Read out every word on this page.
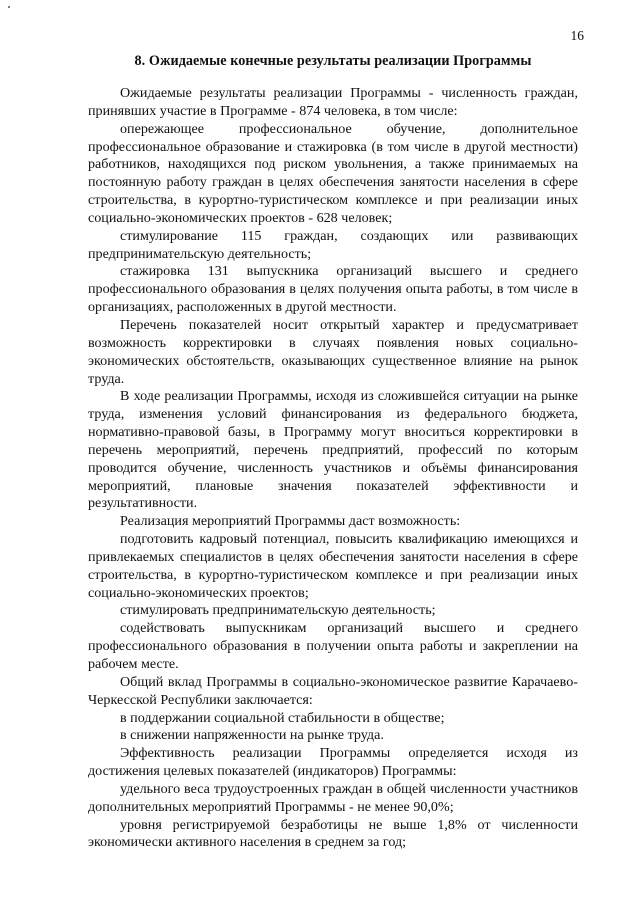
16
8. Ожидаемые конечные результаты реализации Программы

Ожидаемые результаты реализации Программы - численность граждан, принявших участие в Программе - 874 человека, в том числе:

опережающее профессиональное обучение, дополнительное профессиональное образование и стажировка (в том числе в другой местности) работников, находящихся под риском увольнения, а также принимаемых на постоянную работу граждан в целях обеспечения занятости населения в сфере строительства, в курортно-туристическом комплексе и при реализации иных социально-экономических проектов - 628 человек;

стимулирование 115 граждан, создающих или развивающих предпринимательскую деятельность;

стажировка 131 выпускника организаций высшего и среднего профессионального образования в целях получения опыта работы, в том числе в организациях, расположенных в другой местности.

Перечень показателей носит открытый характер и предусматривает возможность корректировки в случаях появления новых социально-экономических обстоятельств, оказывающих существенное влияние на рынок труда.

В ходе реализации Программы, исходя из сложившейся ситуации на рынке труда, изменения условий финансирования из федерального бюджета, нормативно-правовой базы, в Программу могут вноситься корректировки в перечень мероприятий, перечень предприятий, профессий по которым проводится обучение, численность участников и объёмы финансирования мероприятий, плановые значения показателей эффективности и результативности.

Реализация мероприятий Программы даст возможность:

подготовить кадровый потенциал, повысить квалификацию имеющихся и привлекаемых специалистов в целях обеспечения занятости населения в сфере строительства, в курортно-туристическом комплексе и при реализации иных социально-экономических проектов;

стимулировать предпринимательскую деятельность;

содействовать выпускникам организаций высшего и среднего профессионального образования в получении опыта работы и закреплении на рабочем месте.

Общий вклад Программы в социально-экономическое развитие Карачаево-Черкесской Республики заключается:

в поддержании социальной стабильности в обществе;

в снижении напряженности на рынке труда.

Эффективность реализации Программы определяется исходя из достижения целевых показателей (индикаторов) Программы:

удельного веса трудоустроенных граждан в общей численности участников дополнительных мероприятий Программы - не менее 90,0%;

уровня регистрируемой безработицы не выше 1,8% от численности экономически активного населения в среднем за год;
